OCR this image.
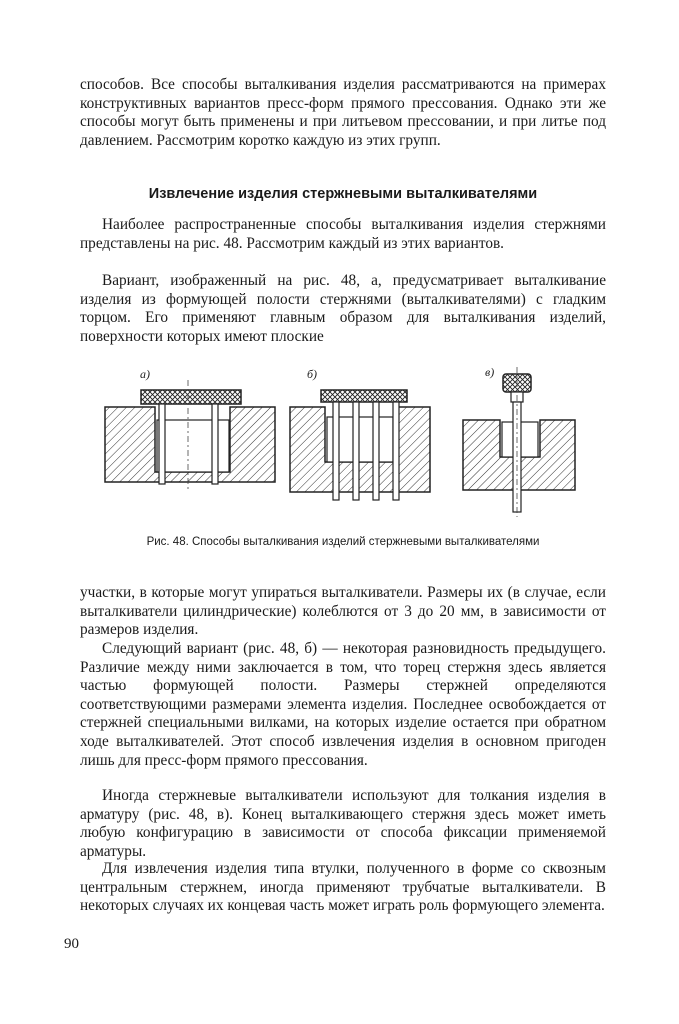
способов. Все способы выталкивания изделия рассматриваются на примерах конструктивных вариантов пресс-форм прямого прессования. Однако эти же способы могут быть применены и при литьевом прессовании, и при литье под давлением. Рассмотрим коротко каждую из этих групп.

Извлечение изделия стержневыми выталкивателями

Наиболее распространенные способы выталкивания изделия стержнями представлены на рис. 48. Рассмотрим каждый из этих вариантов.

Вариант, изображенный на рис. 48, а, предусматривает выталкивание изделия из формующей полости стержнями (выталкивателями) с гладким торцом. Его применяют главным образом для выталкивания изделий, поверхности которых имеют плоские

а)	б)	в)
Рис. 48. Способы выталкивания изделий стержневыми выталкивателями

участки, в которые могут упираться выталкиватели. Размеры их (в случае, если выталкиватели цилиндрические) колеблются от 3 до 20 мм, в зависимости от размеров изделия.

Следующий вариант (рис. 48, б) — некоторая разновидность предыдущего. Различие между ними заключается в том, что торец стержня здесь является частью формующей полости. Размеры стержней определяются соответствующими размерами элемента изделия. Последнее освобождается от стержней специальными вилками, на которых изделие остается при обратном ходе выталкивателей. Этот способ извлечения изделия в основном пригоден лишь для пресс-форм прямого прессования.

Иногда стержневые выталкиватели используют для толкания изделия в арматуру (рис. 48, в). Конец выталкивающего стержня здесь может иметь любую конфигурацию в зависимости от способа фиксации применяемой арматуры.

Для извлечения изделия типа втулки, полученного в форме со сквозным центральным стержнем, иногда применяют трубчатые выталкиватели. В некоторых случаях их концевая часть может играть роль формующего элемента.

90
